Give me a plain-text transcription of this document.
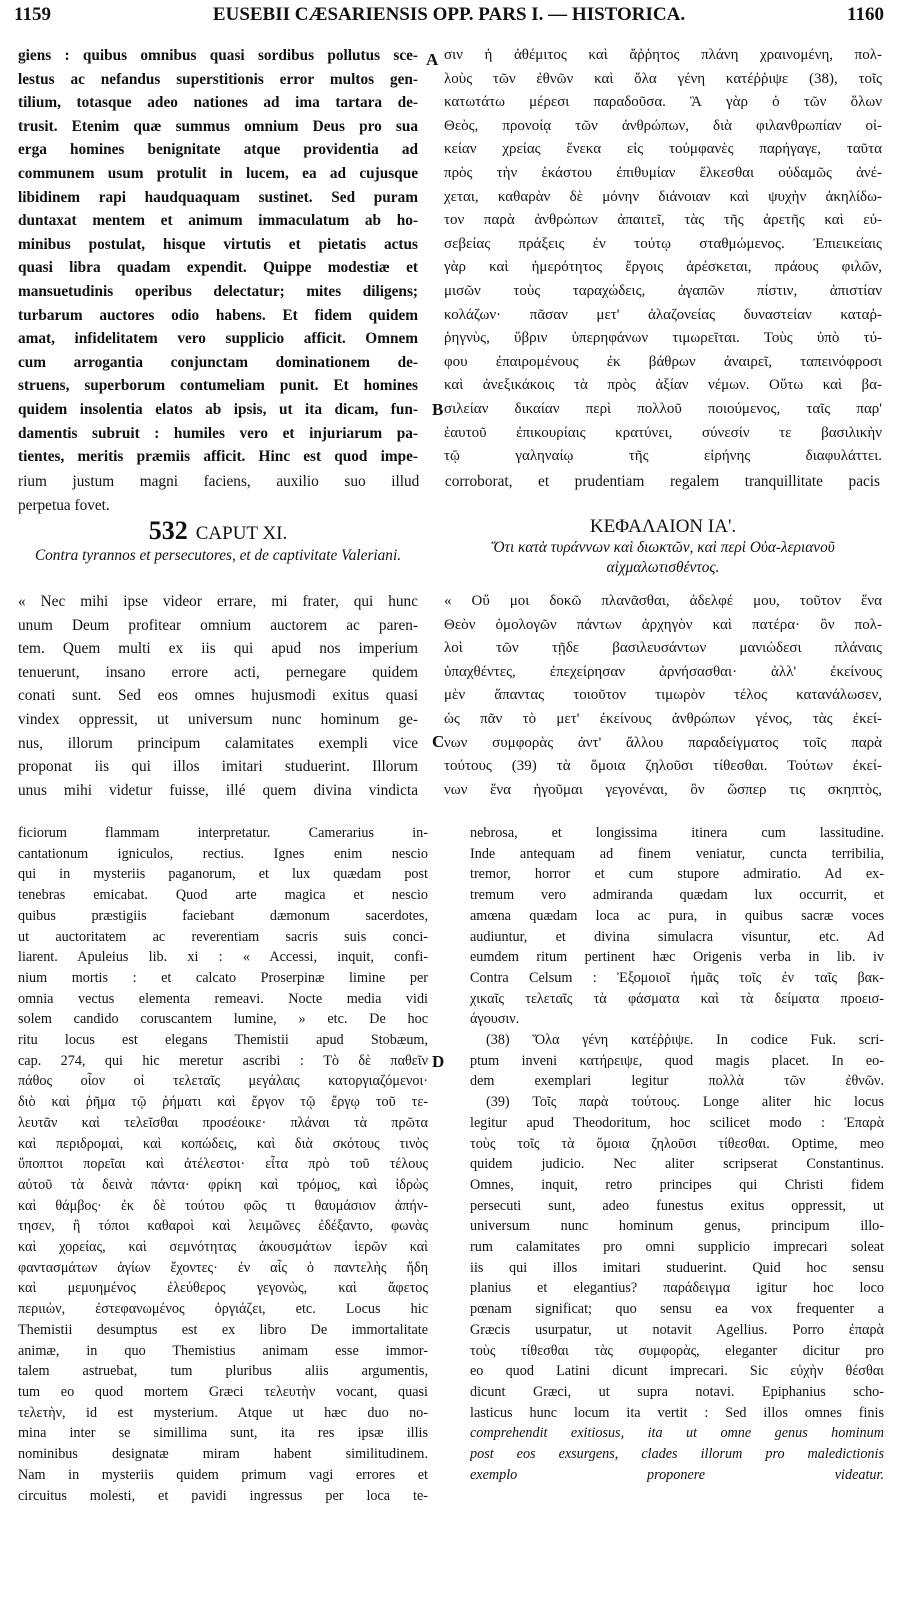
1159	EUSEBII CÆSARIENSIS OPP. PARS I. — HISTORICA.	1160
giens : quibus omnibus quasi sordibus pollutus sce-
lestus ac nefandus superstitionis error multos gen-
tilium, totasque adeo nationes ad ima tartara de-
trusit. Etenim quæ summus omnium Deus pro sua
erga homines benignitate atque providentia ad
communem usum protulit in lucem, ea ad cujusque
libidinem rapi haudquaquam sustinet. Sed puram
duntaxat mentem et animum immaculatum ab ho-
minibus postulat, hisque virtutis et pietatis actus
quasi libra quadam expendit. Quippe modestiæ et
mansuetudinis operibus delectatur; mites diligens;
turbarum auctores odio habens. Et fidem quidem
amat, infidelitatem vero supplicio afficit. Omnem
cum arrogantia conjunctam dominationem de-
struens, superborum contumeliam punit. Et homines
quidem insolentia elatos ab ipsis, ut ita dicam, fun-
damentis subruit : humiles vero et injuriarum pa-
tientes, meritis præmiis afficit. Hinc est quod impe-
A
B
C
D
σιν ἡ ἀθέμιτος καὶ ἄῤῥητος πλάνη χραινομένη, πολ-
λοὺς τῶν ἐθνῶν καὶ ὅλα γένη κατέῤῥιψε (38), τοῖς
κατωτάτω μέρεσι παραδοῦσα. Ἃ γὰρ ὁ τῶν ὅλων
Θεὸς, προνοίᾳ τῶν ἀνθρώπων, διὰ φιλανθρωπίαν οἰ-
κείαν χρείας ἕνεκα εἰς τοὐμφανὲς παρήγαγε, ταῦτα
πρὸς τὴν ἑκάστου ἐπιθυμίαν ἕλκεσθαι οὐδαμῶς ἀνέ-
χεται, καθαρὰν δὲ μόνην διάνοιαν καὶ ψυχὴν ἀκηλίδω-
τον παρὰ ἀνθρώπων ἀπαιτεῖ, τὰς τῆς ἀρετῆς καὶ εὐ-
σεβείας πράξεις ἐν τούτῳ σταθμώμενος. Ἐπιεικείαις
γὰρ καὶ ἡμερότητος ἔργοις ἀρέσκεται, πράους φιλῶν,
μισῶν τοὺς ταραχώδεις, ἀγαπῶν πίστιν, ἀπιστίαν
κολάζων· πᾶσαν μετ' ἀλαζονείας δυναστείαν καταῤ-
ῥηγνὺς, ὕβριν ὑπερηφάνων τιμωρεῖται. Τοὺς ὑπὸ τύ-
φου ἐπαιρομένους ἐκ βάθρων ἀναιρεῖ, ταπεινόφροσι
καὶ ἀνεξικάκοις τὰ πρὸς ἀξίαν νέμων. Οὕτω καὶ βα-
σιλείαν δικαίαν περὶ πολλοῦ ποιούμενος, ταῖς παρ'
ἑαυτοῦ ἐπικουρίαις κρατύνει, σύνεσίν τε βασιλικὴν
τῷ γαληναίῳ τῆς εἰρήνης διαφυλάττει.
rium justum magni faciens, auxilio suo illud corroborat, et prudentiam regalem tranquillitate pacis
perpetua fovet.
532 CAPUT XI.
Contra tyrannos et persecutores, et de captivitate Valeriani.
ΚΕΦΑΛΑΙΟΝ ΙΑ'.
Ὅτι κατὰ τυράννων καὶ διωκτῶν, καὶ περὶ Οὐα-λεριανοῦ αἰχμαλωτισθέντος.
« Nec mihi ipse videor errare, mi frater, qui hunc
unum Deum profitear omnium auctorem ac paren-
tem. Quem multi ex iis qui apud nos imperium
tenuerunt, insano errore acti, pernegare quidem
conati sunt. Sed eos omnes hujusmodi exitus quasi
vindex oppressit, ut universum nunc hominum ge-
nus, illorum principum calamitates exempli vice
proponat iis qui illos imitari studuerint. Illorum
unus mihi videtur fuisse, illé quem divina vindicta
« Οὔ μοι δοκῶ πλανᾶσθαι, ἀδελφέ μου, τοῦτον ἕνα
Θεὸν ὁμολογῶν πάντων ἀρχηγὸν καὶ πατέρα· ὃν πολ-
λοὶ τῶν τῇδε βασιλευσάντων μανιώδεσι πλάναις
ὑπαχθέντες, ἐπεχείρησαν ἀρνήσασθαι· ἀλλ' ἐκείνους
μὲν ἅπαντας τοιοῦτον τιμωρὸν τέλος κατανάλωσεν,
ὡς πᾶν τὸ μετ' ἐκείνους ἀνθρώπων γένος, τὰς ἐκεί-
νων συμφορὰς ἀντ' ἄλλου παραδείγματος τοῖς παρὰ
τούτους (39) τὰ ὅμοια ζηλοῦσι τίθεσθαι. Τούτων ἐκεί-
νων ἕνα ἡγοῦμαι γεγονέναι, ὃν ὥσπερ τις σκηπτὸς,
ficiorum flammam interpretatur. Camerarius in-
cantationum igniculos, rectius. Ignes enim nescio
qui in mysteriis paganorum, et lux quædam post
tenebras emicabat. Quod arte magica et nescio
quibus præstigiis faciebant dæmonum sacerdotes,
ut auctoritatem ac reverentiam sacris suis conci-
liarent. Apuleius lib. xi : « Accessi, inquit, confi-
nium mortis : et calcato Proserpinæ limine per
omnia vectus elementa remeavi. Nocte media vidi
solem candido coruscantem lumine, » etc. De hoc
ritu locus est elegans Themistii apud Stobæum,
cap. 274, qui hic meretur ascribi : Τὸ δὲ παθεῖν
πάθος οἷον οἱ τελεταῖς μεγάλαις κατοργιαζόμενοι·
διὸ καὶ ῥῆμα τῷ ῥήματι καὶ ἔργον τῷ ἔργῳ τοῦ τε-
λευτᾶν καὶ τελεῖσθαι προσέοικε· πλάναι τὰ πρῶτα
καὶ περιδρομαὶ, καὶ κοπώδεις, καὶ διὰ σκότους τινὸς
ὕποπτοι πορεῖαι καὶ ἀτέλεστοι· εἶτα πρὸ τοῦ τέλους
αὐτοῦ τὰ δεινὰ πάντα· φρίκη καὶ τρόμος, καὶ ἱδρὼς
καὶ θάμβος· ἐκ δὲ τούτου φῶς τι θαυμάσιον ἀπήν-
τησεν, ἢ τόποι καθαροὶ καὶ λειμῶνες ἐδέξαντο, φωνὰς
καὶ χορείας, καὶ σεμνότητας ἀκουσμάτων ἱερῶν καὶ
φαντασμάτων ἁγίων ἔχοντες· ἐν αἷς ὁ παντελὴς ἤδη
καὶ μεμυημένος ἐλεύθερος γεγονὼς, καὶ ἄφετος
περιιὼν, ἐστεφανωμένος ὀργιάζει, etc. Locus hic
Themistii desumptus est ex libro De immortalitate
animæ, in quo Themistius animam esse immor-
talem astruebat, tum pluribus aliis argumentis,
tum eo quod mortem Græci τελευτὴν vocant, quasi
τελετὴν, id est mysterium. Atque ut hæc duo no-
mina inter se simillima sunt, ita res ipsæ illis
nominibus designatæ miram habent similitudinem.
Nam in mysteriis quidem primum vagi errores et
circuitus molesti, et pavidi ingressus per loca te-
nebrosa, et longissima itinera cum lassitudine.
Inde antequam ad finem veniatur, cuncta terribilia,
tremor, horror et cum stupore admiratio. Ad ex-
tremum vero admiranda quædam lux occurrit, et
amœna quædam loca ac pura, in quibus sacræ voces
audiuntur, et divina simulacra visuntur, etc. Ad
eumdem ritum pertinent hæc Origenis verba in lib. iv
Contra Celsum : Ἐξομοιοῖ ἡμᾶς τοῖς ἐν ταῖς βακ-
χικαῖς τελεταῖς τὰ φάσματα καὶ τὰ δείματα προεισ-
άγουσιν.
(38) Ὅλα γένη κατέῤῥιψε. In codice Fuk. scri-
ptum inveni κατήρειψε, quod magis placet. In eo-
dem exemplari legitur πολλὰ τῶν ἐθνῶν.
(39) Τοῖς παρὰ τούτους. Longe aliter hic locus
legitur apud Theodoritum, hoc scilicet modo : Ἐπαρὰ
τοὺς τοῖς τὰ ὅμοια ζηλοῦσι τίθεσθαι. Optime, meo
quidem judicio. Nec aliter scripserat Constantinus.
Omnes, inquit, retro principes qui Christi fidem
persecuti sunt, adeo funestus exitus oppressit, ut
universum nunc hominum genus, principum illo-
rum calamitates pro omni supplicio imprecari soleat
iis qui illos imitari studuerint. Quid hoc sensu
planius et elegantius? παράδειγμα igitur hoc loco
pœnam significat; quo sensu ea vox frequenter a
Græcis usurpatur, ut notavit Agellius. Porro ἐπαρὰ
τοὺς τίθεσθαι τὰς συμφορὰς, eleganter dicitur pro
eo quod Latini dicunt imprecari. Sic εὐχὴν θέσθαι
dicunt Græci, ut supra notavi. Epiphanius scho-
lasticus hunc locum ita vertit : Sed illos omnes finis
comprehendit exitiosus, ita ut omne genus hominum
post eos exsurgens, clades illorum pro maledictionis
exemplo proponere videatur.
